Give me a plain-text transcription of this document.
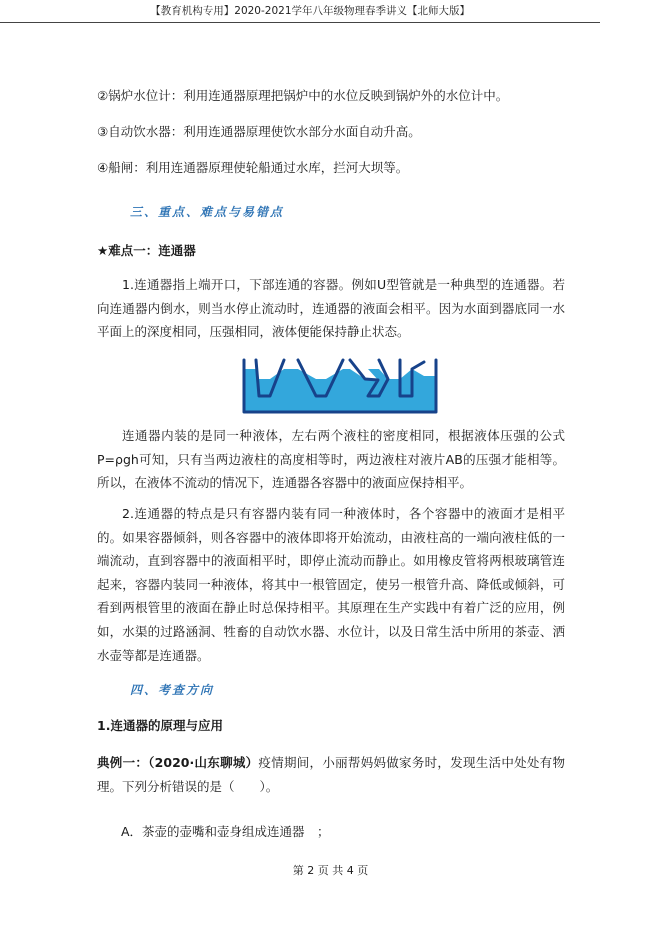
【教育机构专用】2020-2021学年八年级物理春季讲义【北师大版】
②锅炉水位计：利用连通器原理把锅炉中的水位反映到锅炉外的水位计中。
③自动饮水器：利用连通器原理使饮水部分水面自动升高。
④船闸：利用连通器原理使轮船通过水库，拦河大坝等。
三、重点、难点与易错点
★难点一：连通器

1.连通器指上端开口，下部连通的容器。例如U型管就是一种典型的连通器。若向连通器内倒水，则当水停止流动时，连通器的液面会相平。因为水面到器底同一水平面上的深度相同，压强相同，液体便能保持静止状态。

连通器内装的是同一种液体，左右两个液柱的密度相同，根据液体压强的公式P=ρgh可知，只有当两边液柱的高度相等时，两边液柱对液片AB的压强才能相等。所以，在液体不流动的情况下，连通器各容器中的液面应保持相平。

2.连通器的特点是只有容器内装有同一种液体时，各个容器中的液面才是相平的。如果容器倾斜，则各容器中的液体即将开始流动，由液柱高的一端向液柱低的一端流动，直到容器中的液面相平时，即停止流动而静止。如用橡皮管将两根玻璃管连起来，容器内装同一种液体，将其中一根管固定，使另一根管升高、降低或倾斜，可看到两根管里的液面在静止时总保持相平。其原理在生产实践中有着广泛的应用，例如，水渠的过路涵洞、牲畜的自动饮水器、水位计，以及日常生活中所用的茶壶、洒水壶等都是连通器。

四、考查方向
1.连通器的原理与应用

典例一：（2020·山东聊城）疫情期间，小丽帮妈妈做家务时，发现生活中处处有物理。下列分析错误的是（　　）。

A．茶壶的壶嘴和壶身组成连通器　；
第 2 页 共 4 页
